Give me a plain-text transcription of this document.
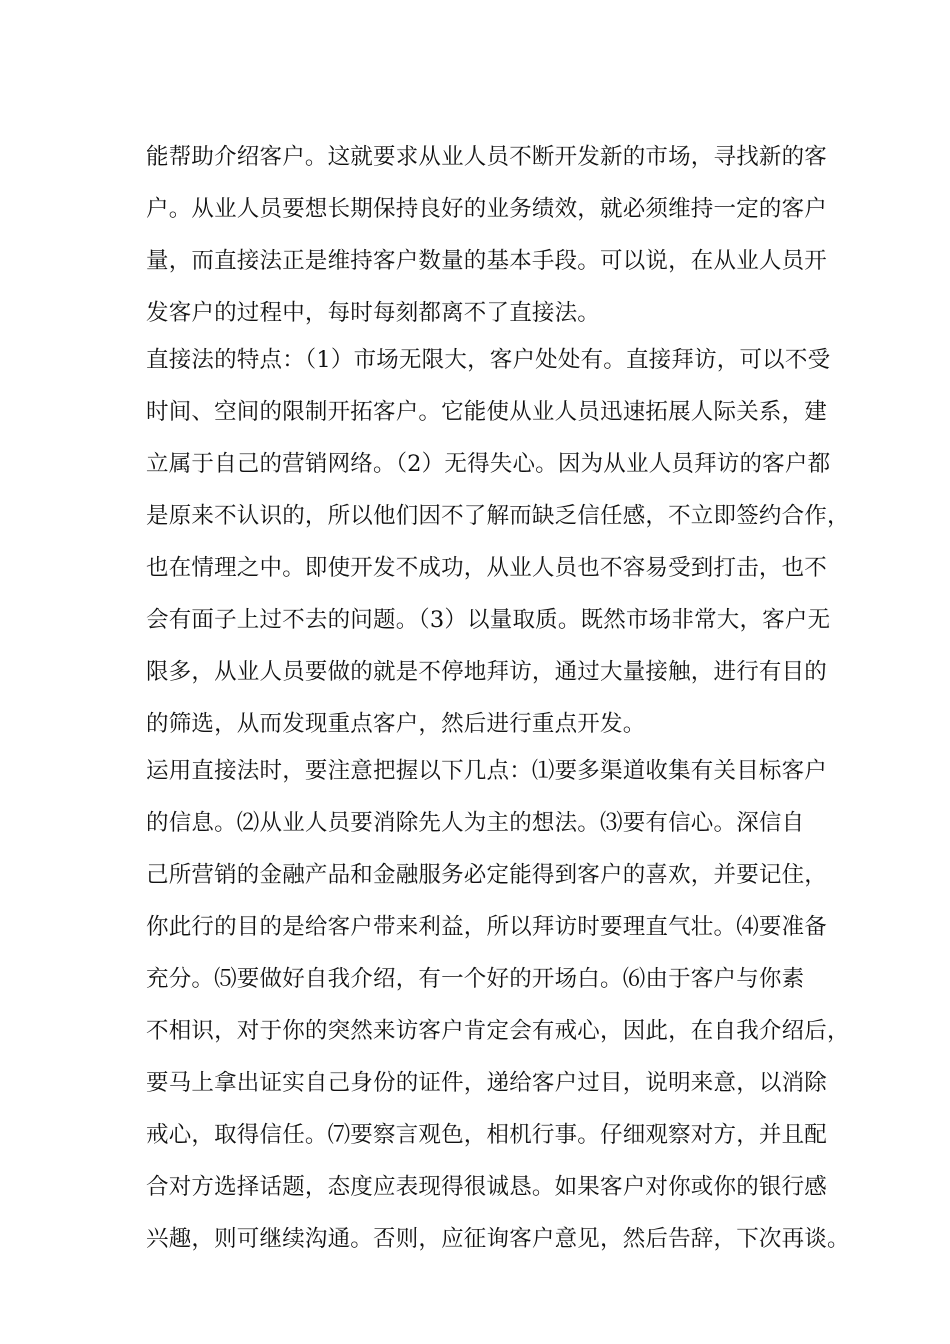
能帮助介绍客户。这就要求从业人员不断开发新的市场，寻找新的客
户。从业人员要想长期保持良好的业务绩效，就必须维持一定的客户
量，而直接法正是维持客户数量的基本手段。可以说，在从业人员开
发客户的过程中，每时每刻都离不了直接法。
直接法的特点：（1）市场无限大，客户处处有。直接拜访，可以不受
时间、空间的限制开拓客户。它能使从业人员迅速拓展人际关系，建
立属于自己的营销网络。（2）无得失心。因为从业人员拜访的客户都
是原来不认识的，所以他们因不了解而缺乏信任感，不立即签约合作，
也在情理之中。即使开发不成功，从业人员也不容易受到打击，也不
会有面子上过不去的问题。（3）以量取质。既然市场非常大，客户无
限多，从业人员要做的就是不停地拜访，通过大量接触，进行有目的
的筛选，从而发现重点客户，然后进行重点开发。
运用直接法时，要注意把握以下几点：⑴要多渠道收集有关目标客户
的信息。⑵从业人员要消除先人为主的想法。⑶要有信心。深信自
己所营销的金融产品和金融服务必定能得到客户的喜欢，并要记住，
你此行的目的是给客户带来利益，所以拜访时要理直气壮。⑷要准备
充分。⑸要做好自我介绍，有一个好的开场白。⑹由于客户与你素
不相识，对于你的突然来访客户肯定会有戒心，因此，在自我介绍后，
要马上拿出证实自己身份的证件，递给客户过目，说明来意，以消除
戒心，取得信任。⑺要察言观色，相机行事。仔细观察对方，并且配
合对方选择话题，态度应表现得很诚恳。如果客户对你或你的银行感
兴趣，则可继续沟通。否则，应征询客户意见，然后告辞，下次再谈。
